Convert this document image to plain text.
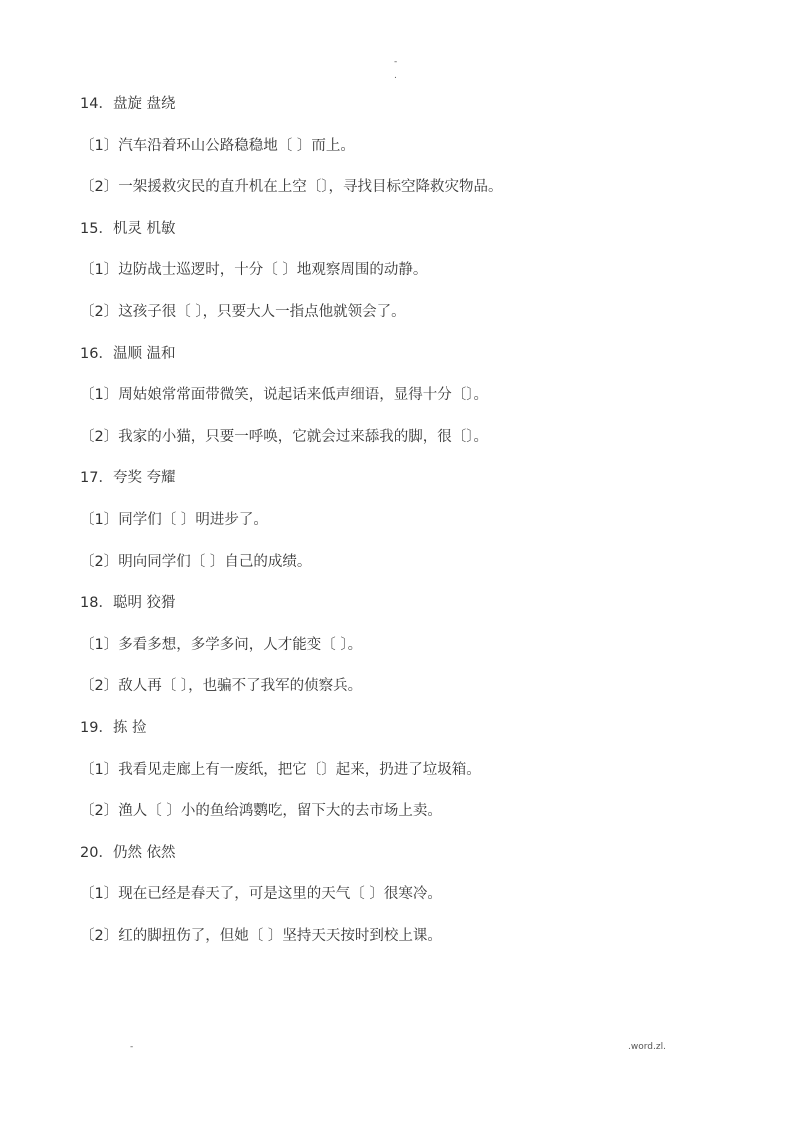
-
.
14．盘旋 盘绕
〔1〕汽车沿着环山公路稳稳地〔 〕而上。
〔2〕一架援救灾民的直升机在上空〔〕，寻找目标空降救灾物品。
15．机灵 机敏
〔1〕边防战士巡逻时，十分〔 〕地观察周围的动静。
〔2〕这孩子很〔 〕，只要大人一指点他就领会了。
16．温顺 温和
〔1〕周姑娘常常面带微笑，说起话来低声细语，显得十分〔〕。
〔2〕我家的小猫，只要一呼唤，它就会过来舔我的脚，很〔〕。
17．夸奖 夸耀
〔1〕同学们〔 〕明进步了。
〔2〕明向同学们〔 〕自己的成绩。
18．聪明 狡猾
〔1〕多看多想，多学多问，人才能变〔 〕。
〔2〕敌人再〔 〕，也骗不了我军的侦察兵。
19．拣 捡
〔1〕我看见走廊上有一废纸，把它〔〕起来，扔进了垃圾箱。
〔2〕渔人〔 〕小的鱼给鸿鹦吃，留下大的去市场上卖。
20．仍然 依然
〔1〕现在已经是春天了，可是这里的天气〔 〕很寒冷。
〔2〕红的脚扭伤了，但她〔 〕坚持天天按时到校上课。
-	.word.zl.
